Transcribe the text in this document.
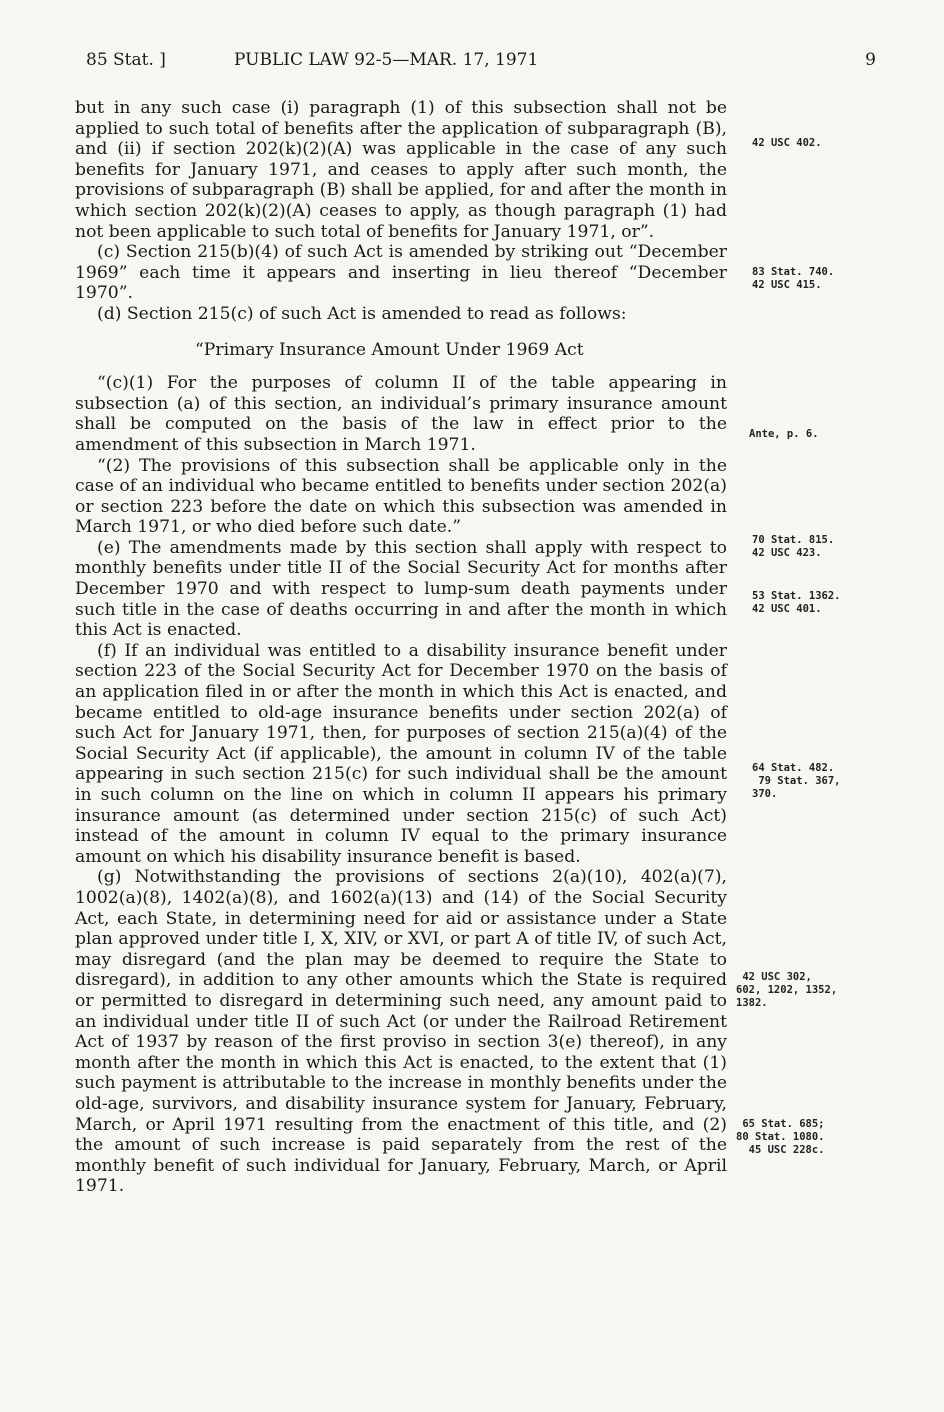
85 Stat. ]	PUBLIC LAW 92-5—MAR. 17, 1971	9

but in any such case (i) paragraph (1) of this subsection shall not be applied to such total of benefits after the application of subparagraph (B), and (ii) if section 202(k)(2)(A) was applicable in the case of any such benefits for January 1971, and ceases to apply after such month, the provisions of subparagraph (B) shall be applied, for and after the month in which section 202(k)(2)(A) ceases to apply, as though paragraph (1) had not been applicable to such total of benefits for January 1971, or”.

(c) Section 215(b)(4) of such Act is amended by striking out “December 1969” each time it appears and inserting in lieu thereof “December 1970”.

(d) Section 215(c) of such Act is amended to read as follows:

“Primary Insurance Amount Under 1969 Act

“(c)(1) For the purposes of column II of the table appearing in subsection (a) of this section, an individual’s primary insurance amount shall be computed on the basis of the law in effect prior to the amendment of this subsection in March 1971.

“(2) The provisions of this subsection shall be applicable only in the case of an individual who became entitled to benefits under section 202(a) or section 223 before the date on which this subsection was amended in March 1971, or who died before such date.”

(e) The amendments made by this section shall apply with respect to monthly benefits under title II of the Social Security Act for months after December 1970 and with respect to lump-sum death payments under such title in the case of deaths occurring in and after the month in which this Act is enacted.

(f) If an individual was entitled to a disability insurance benefit under section 223 of the Social Security Act for December 1970 on the basis of an application filed in or after the month in which this Act is enacted, and became entitled to old-age insurance benefits under section 202(a) of such Act for January 1971, then, for purposes of section 215(a)(4) of the Social Security Act (if applicable), the amount in column IV of the table appearing in such section 215(c) for such individual shall be the amount in such column on the line on which in column II appears his primary insurance amount (as determined under section 215(c) of such Act) instead of the amount in column IV equal to the primary insurance amount on which his disability insurance benefit is based.

(g) Notwithstanding the provisions of sections 2(a)(10), 402(a)(7), 1002(a)(8), 1402(a)(8), and 1602(a)(13) and (14) of the Social Security Act, each State, in determining need for aid or assistance under a State plan approved under title I, X, XIV, or XVI, or part A of title IV, of such Act, may disregard (and the plan may be deemed to require the State to disregard), in addition to any other amounts which the State is required or permitted to disregard in determining such need, any amount paid to an individual under title II of such Act (or under the Railroad Retirement Act of 1937 by reason of the first proviso in section 3(e) thereof), in any month after the month in which this Act is enacted, to the extent that (1) such payment is attributable to the increase in monthly benefits under the old-age, survivors, and disability insurance system for January, February, March, or April 1971 resulting from the enactment of this title, and (2) the amount of such increase is paid separately from the rest of the monthly benefit of such individual for January, February, March, or April 1971.

42 USC 402.
83 Stat. 740.
42 USC 415.
Ante, p. 6.
70 Stat. 815.
42 USC 423.
53 Stat. 1362.
42 USC 401.
64 Stat. 482.
79 Stat. 367,
370.
42 USC 302,
602, 1202, 1352,
1382.
65 Stat. 685;
80 Stat. 1080.
45 USC 228c.
